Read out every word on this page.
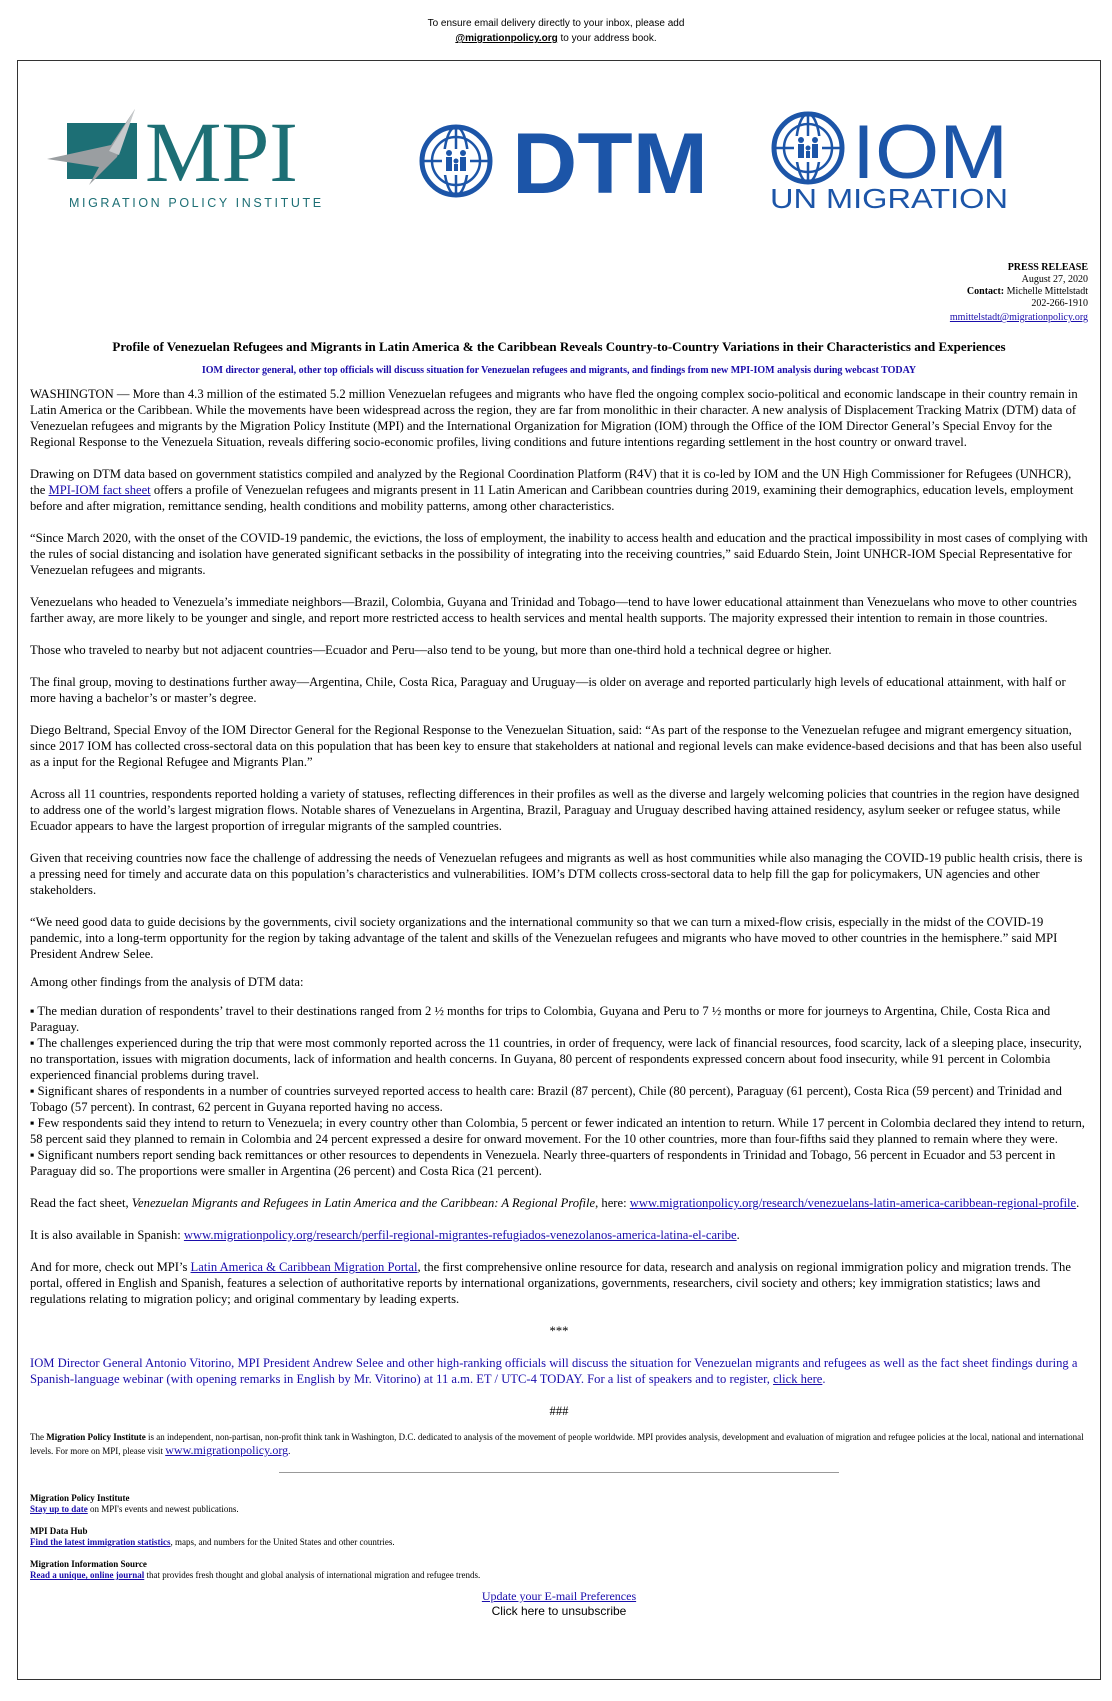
To ensure email delivery directly to your inbox, please add
@migrationpolicy.org to your address book.
MPI
MIGRATION POLICY INSTITUTE DTM IOM
UN MIGRATION
PRESS RELEASE
August 27, 2020
Contact: Michelle Mittelstadt
202-266-1910
mmittelstadt@migrationpolicy.org
Profile of Venezuelan Refugees and Migrants in Latin America & the Caribbean Reveals Country-to-Country Variations in their Characteristics and Experiences
IOM director general, other top officials will discuss situation for Venezuelan refugees and migrants, and findings from new MPI-IOM analysis during webcast TODAY

WASHINGTON — More than 4.3 million of the estimated 5.2 million Venezuelan refugees and migrants who have fled the ongoing complex socio-political and economic landscape in their country remain in Latin America or the Caribbean. While the movements have been widespread across the region, they are far from monolithic in their character. A new analysis of Displacement Tracking Matrix (DTM) data of Venezuelan refugees and migrants by the Migration Policy Institute (MPI) and the International Organization for Migration (IOM) through the Office of the IOM Director General’s Special Envoy for the Regional Response to the Venezuela Situation, reveals differing socio-economic profiles, living conditions and future intentions regarding settlement in the host country or onward travel.

Drawing on DTM data based on government statistics compiled and analyzed by the Regional Coordination Platform (R4V) that it is co-led by IOM and the UN High Commissioner for Refugees (UNHCR), the MPI-IOM fact sheet offers a profile of Venezuelan refugees and migrants present in 11 Latin American and Caribbean countries during 2019, examining their demographics, education levels, employment before and after migration, remittance sending, health conditions and mobility patterns, among other characteristics.

“Since March 2020, with the onset of the COVID-19 pandemic, the evictions, the loss of employment, the inability to access health and education and the practical impossibility in most cases of complying with the rules of social distancing and isolation have generated significant setbacks in the possibility of integrating into the receiving countries,” said Eduardo Stein, Joint UNHCR-IOM Special Representative for Venezuelan refugees and migrants.

Venezuelans who headed to Venezuela’s immediate neighbors—Brazil, Colombia, Guyana and Trinidad and Tobago—tend to have lower educational attainment than Venezuelans who move to other countries farther away, are more likely to be younger and single, and report more restricted access to health services and mental health supports. The majority expressed their intention to remain in those countries.

Those who traveled to nearby but not adjacent countries—Ecuador and Peru—also tend to be young, but more than one-third hold a technical degree or higher.

The final group, moving to destinations further away—Argentina, Chile, Costa Rica, Paraguay and Uruguay—is older on average and reported particularly high levels of educational attainment, with half or more having a bachelor’s or master’s degree.

Diego Beltrand, Special Envoy of the IOM Director General for the Regional Response to the Venezuelan Situation, said: “As part of the response to the Venezuelan refugee and migrant emergency situation, since 2017 IOM has collected cross-sectoral data on this population that has been key to ensure that stakeholders at national and regional levels can make evidence-based decisions and that has been also useful as a input for the Regional Refugee and Migrants Plan.”

Across all 11 countries, respondents reported holding a variety of statuses, reflecting differences in their profiles as well as the diverse and largely welcoming policies that countries in the region have designed to address one of the world’s largest migration flows. Notable shares of Venezuelans in Argentina, Brazil, Paraguay and Uruguay described having attained residency, asylum seeker or refugee status, while Ecuador appears to have the largest proportion of irregular migrants of the sampled countries.

Given that receiving countries now face the challenge of addressing the needs of Venezuelan refugees and migrants as well as host communities while also managing the COVID-19 public health crisis, there is a pressing need for timely and accurate data on this population’s characteristics and vulnerabilities. IOM’s DTM collects cross-sectoral data to help fill the gap for policymakers, UN agencies and other stakeholders.

“We need good data to guide decisions by the governments, civil society organizations and the international community so that we can turn a mixed-flow crisis, especially in the midst of the COVID-19 pandemic, into a long-term opportunity for the region by taking advantage of the talent and skills of the Venezuelan refugees and migrants who have moved to other countries in the hemisphere.” said MPI President Andrew Selee.

Among other findings from the analysis of DTM data:

▪ The median duration of respondents’ travel to their destinations ranged from 2 ½ months for trips to Colombia, Guyana and Peru to 7 ½ months or more for journeys to Argentina, Chile, Costa Rica and Paraguay.
▪ The challenges experienced during the trip that were most commonly reported across the 11 countries, in order of frequency, were lack of financial resources, food scarcity, lack of a sleeping place, insecurity, no transportation, issues with migration documents, lack of information and health concerns. In Guyana, 80 percent of respondents expressed concern about food insecurity, while 91 percent in Colombia experienced financial problems during travel.
▪ Significant shares of respondents in a number of countries surveyed reported access to health care: Brazil (87 percent), Chile (80 percent), Paraguay (61 percent), Costa Rica (59 percent) and Trinidad and Tobago (57 percent). In contrast, 62 percent in Guyana reported having no access.
▪ Few respondents said they intend to return to Venezuela; in every country other than Colombia, 5 percent or fewer indicated an intention to return. While 17 percent in Colombia declared they intend to return, 58 percent said they planned to remain in Colombia and 24 percent expressed a desire for onward movement. For the 10 other countries, more than four-fifths said they planned to remain where they were.
▪ Significant numbers report sending back remittances or other resources to dependents in Venezuela. Nearly three-quarters of respondents in Trinidad and Tobago, 56 percent in Ecuador and 53 percent in Paraguay did so. The proportions were smaller in Argentina (26 percent) and Costa Rica (21 percent).

Read the fact sheet, Venezuelan Migrants and Refugees in Latin America and the Caribbean: A Regional Profile, here: www.migrationpolicy.org/research/venezuelans-latin-america-caribbean-regional-profile.

It is also available in Spanish: www.migrationpolicy.org/research/perfil-regional-migrantes-refugiados-venezolanos-america-latina-el-caribe.

And for more, check out MPI’s Latin America & Caribbean Migration Portal, the first comprehensive online resource for data, research and analysis on regional immigration policy and migration trends. The portal, offered in English and Spanish, features a selection of authoritative reports by international organizations, governments, researchers, civil society and others; key immigration statistics; laws and regulations relating to migration policy; and original commentary by leading experts.

***

IOM Director General Antonio Vitorino, MPI President Andrew Selee and other high-ranking officials will discuss the situation for Venezuelan migrants and refugees as well as the fact sheet findings during a Spanish-language webinar (with opening remarks in English by Mr. Vitorino) at 11 a.m. ET / UTC-4 TODAY. For a list of speakers and to register, click here.

###

The Migration Policy Institute is an independent, non-partisan, non-profit think tank in Washington, D.C. dedicated to analysis of the movement of people worldwide. MPI provides analysis, development and evaluation of migration and refugee policies at the local, national and international levels. For more on MPI, please visit www.migrationpolicy.org.
Migration Policy Institute
Stay up to date on MPI's events and newest publications.
MPI Data Hub
Find the latest immigration statistics, maps, and numbers for the United States and other countries.
Migration Information Source
Read a unique, online journal that provides fresh thought and global analysis of international migration and refugee trends.
Update your E-mail Preferences
Click here to unsubscribe
